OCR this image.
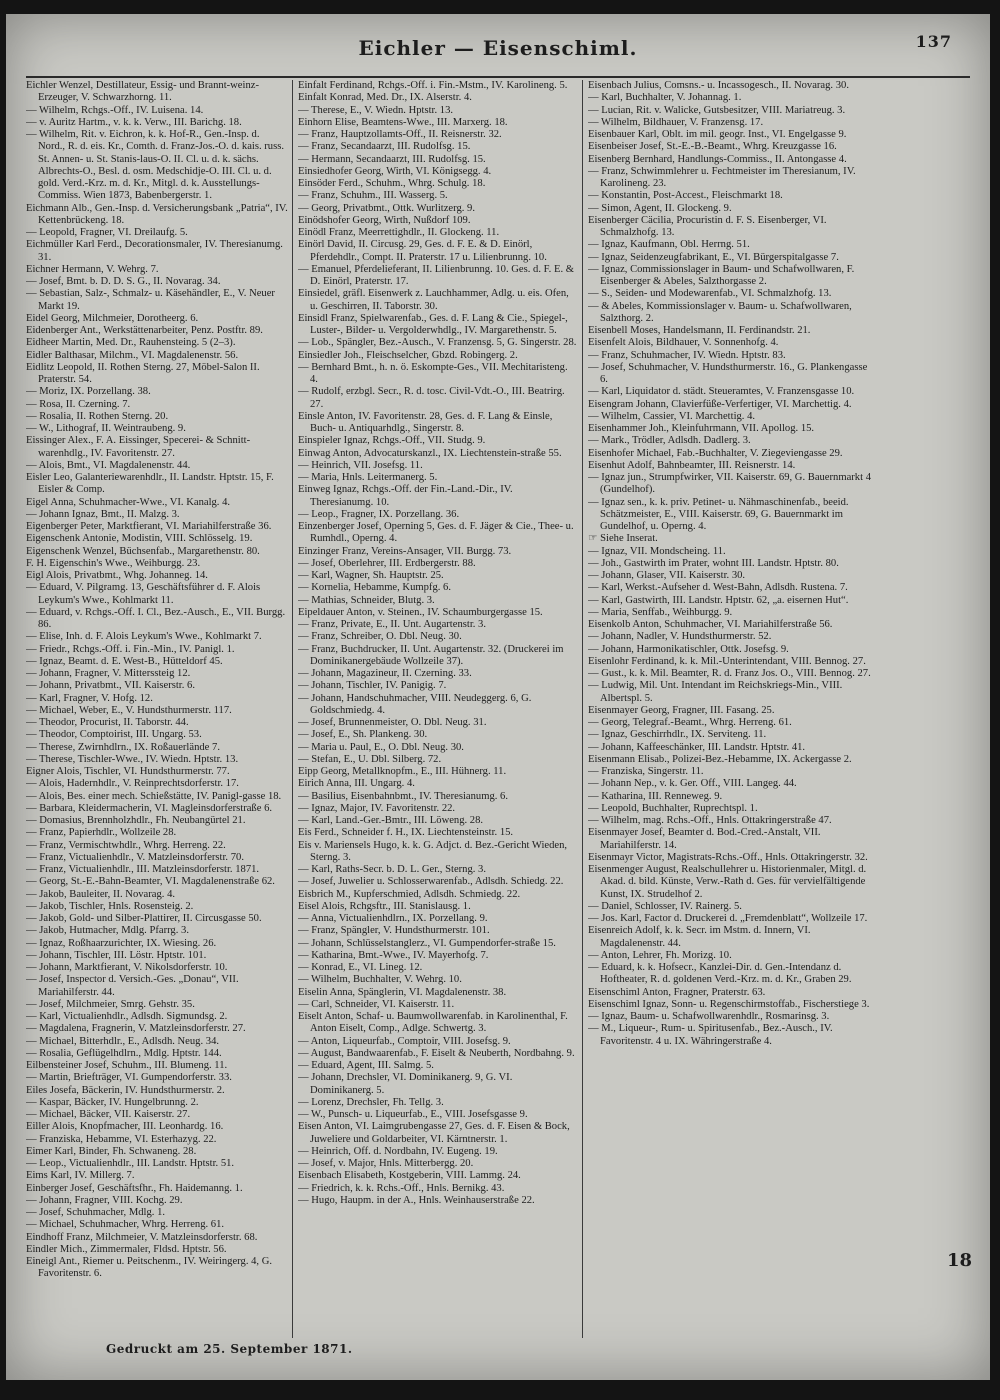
Eichler — Eisenschiml.	137

Eichler Wenzel, Destillateur, Essig- und Brannt-weinz-Erzeuger, V. Schwarzhorng. 11.

— Wilhelm, Rchgs.-Off., IV. Luisena. 14.

— v. Auritz Hartm., v. k. k. Verw., III. Barichg. 18.

— Wilhelm, Rit. v. Eichron, k. k. Hof-R., Gen.-Insp. d. Nord., R. d. eis. Kr., Comth. d. Franz-Jos.-O. d. kais. russ. St. Annen- u. St. Stanis-laus-O. II. Cl. u. d. k. sächs. Albrechts-O., Besl. d. osm. Medschidje-O. III. Cl. u. d. gold. Verd.-Krz. m. d. Kr., Mitgl. d. k. Ausstellungs-Commiss. Wien 1873, Babenbergerstr. 1.

Eichmann Alb., Gen.-Insp. d. Versicherungsbank „Patria“, IV. Kettenbrückeng. 18.

— Leopold, Fragner, VI. Dreilaufg. 5.

Eichmüller Karl Ferd., Decorationsmaler, IV. Theresianumg. 31.

Eichner Hermann, V. Wehrg. 7.

— Josef, Bmt. b. D. D. S. G., II. Novarag. 34.

— Sebastian, Salz-, Schmalz- u. Käsehändler, E., V. Neuer Markt 19.

Eidel Georg, Milchmeier, Dorotheerg. 6.

Eidenberger Ant., Werkstättenarbeiter, Penz. Postftr. 89.

Eidheer Martin, Med. Dr., Rauhensteing. 5 (2–3).

Eidler Balthasar, Milchm., VI. Magdalenenstr. 56.

Eidlitz Leopold, II. Rothen Sterng. 27, Möbel-Salon II. Praterstr. 54.

— Moriz, IX. Porzellang. 38.

— Rosa, II. Czerning. 7.

— Rosalia, II. Rothen Sterng. 20.

— W., Lithograf, II. Weintraubeng. 9.

Eissinger Alex., F. A. Eissinger, Specerei- & Schnitt-warenhdlg., IV. Favoritenstr. 27.

— Alois, Bmt., VI. Magdalenenstr. 44.

Eisler Leo, Galanteriewarenhdlr., II. Landstr. Hptstr. 15, F. Eisler & Comp.

Eigel Anna, Schuhmacher-Wwe., VI. Kanalg. 4.

— Johann Ignaz, Bmt., II. Malzg. 3.

Eigenberger Peter, Marktfierant, VI. Mariahilferstraße 36.

Eigenschenk Antonie, Modistin, VIII. Schlösselg. 19.

Eigenschenk Wenzel, Büchsenfab., Margarethenstr. 80.

F. H. Eigenschin's Wwe., Weihburgg. 23.

Eigl Alois, Privatbmt., Whg. Johanneg. 14.

— Eduard, V. Pilgramg. 13, Geschäftsführer d. F. Alois Leykum's Wwe., Kohlmarkt 11.

— Eduard, v. Rchgs.-Off. I. Cl., Bez.-Ausch., E., VII. Burgg. 86.

— Elise, Inh. d. F. Alois Leykum's Wwe., Kohlmarkt 7.

— Friedr., Rchgs.-Off. i. Fin.-Min., IV. Panigl. 1.

— Ignaz, Beamt. d. E. West-B., Hütteldorf 45.

— Johann, Fragner, V. Mitterssteig 12.

— Johann, Privatbmt., VII. Kaiserstr. 6.

— Karl, Fragner, V. Hofg. 12.

— Michael, Weber, E., V. Hundsthurmerstr. 117.

— Theodor, Procurist, II. Taborstr. 44.

— Theodor, Comptoirist, III. Ungarg. 53.

— Therese, Zwirnhdlrn., IX. Roßauerlände 7.

— Therese, Tischler-Wwe., IV. Wiedn. Hptstr. 13.

Eigner Alois, Tischler, VI. Hundsthurmerstr. 77.

— Alois, Hadernhdlr., V. Reinprechtsdorferstr. 17.

— Alois, Bes. einer mech. Schießstätte, IV. Panigl-gasse 18.

— Barbara, Kleidermacherin, VI. Magleinsdorferstraße 6.

— Domasius, Brennholzhdlr., Fh. Neubangürtel 21.

— Franz, Papierhdlr., Wollzeile 28.

— Franz, Vermischtwhdlr., Whrg. Herreng. 22.

— Franz, Victualienhdlr., V. Matzleinsdorferstr. 70.

— Franz, Victualienhdlr., III. Matzleinsdorferstr. 1871.

— Georg, St.-E.-Bahn-Beamter, VI. Magdalenenstraße 62.

— Jakob, Bauleiter, II. Novarag. 4.

— Jakob, Tischler, Hnls. Rosensteig. 2.

— Jakob, Gold- und Silber-Plattirer, II. Circusgasse 50.

— Jakob, Hutmacher, Mdlg. Pfarrg. 3.

— Ignaz, Roßhaarzurichter, IX. Wiesing. 26.

— Johann, Tischler, III. Löstr. Hptstr. 101.

— Johann, Marktfierant, V. Nikolsdorferstr. 10.

— Josef, Inspector d. Versich.-Ges. „Donau“, VII. Mariahilferstr. 44.

— Josef, Milchmeier, Smrg. Gehstr. 35.

— Karl, Victualienhdlr., Adlsdh. Sigmundsg. 2.

— Magdalena, Fragnerin, V. Matzleinsdorferstr. 27.

— Michael, Bitterhdlr., E., Adlsdh. Neug. 34.

— Rosalia, Geflügelhdlrn., Mdlg. Hptstr. 144.

Eilbensteiner Josef, Schuhm., III. Blumeng. 11.

— Martin, Briefträger, VI. Gumpendorferstr. 33.

Eiles Josefa, Bäckerin, IV. Hundsthurmerstr. 2.

— Kaspar, Bäcker, IV. Hungelbrunng. 2.

— Michael, Bäcker, VII. Kaiserstr. 27.

Eiller Alois, Knopfmacher, III. Leonhardg. 16.

— Franziska, Hebamme, VI. Esterhazyg. 22.

Eimer Karl, Binder, Fh. Schwaneng. 28.

— Leop., Victualienhdlr., III. Landstr. Hptstr. 51.

Eims Karl, IV. Millerg. 7.

Einberger Josef, Geschäftsfhr., Fh. Haidemanng. 1.

— Johann, Fragner, VIII. Kochg. 29.

— Josef, Schuhmacher, Mdlg. 1.

— Michael, Schuhmacher, Whrg. Herreng. 61.

Eindhoff Franz, Milchmeier, V. Matzleinsdorferstr. 68.

Eindler Mich., Zimmermaler, Fldsd. Hptstr. 56.

Eineigl Ant., Riemer u. Peitschenm., IV. Weiringerg. 4, G. Favoritenstr. 6.

Einfalt Ferdinand, Rchgs.-Off. i. Fin.-Mstm., IV. Karolineng. 5.

Einfalt Konrad, Med. Dr., IX. Alserstr. 4.

— Therese, E., V. Wiedn. Hptstr. 13.

Einhorn Elise, Beamtens-Wwe., III. Marxerg. 18.

— Franz, Hauptzollamts-Off., II. Reisnerstr. 32.

— Franz, Secandaarzt, III. Rudolfsg. 15.

— Hermann, Secandaarzt, III. Rudolfsg. 15.

Einsiedhofer Georg, Wirth, VI. Königsegg. 4.

Einsöder Ferd., Schuhm., Whrg. Schulg. 18.

— Franz, Schuhm., III. Wasserg. 5.

— Georg, Privatbmt., Ottk. Wurlitzerg. 9.

Einödshofer Georg, Wirth, Nußdorf 109.

Einödl Franz, Meerrettighdlr., II. Glockeng. 11.

Einörl David, II. Circusg. 29, Ges. d. F. E. & D. Einörl, Pferdehdlr., Compt. II. Praterstr. 17 u. Lilienbrunng. 10.

— Emanuel, Pferdelieferant, II. Lilienbrunng. 10. Ges. d. F. E. & D. Einörl, Praterstr. 17.

Einsiedel, gräfl. Eisenwerk z. Lauchhammer, Adlg. u. eis. Ofen, u. Geschirren, II. Taborstr. 30.

Einsidl Franz, Spielwarenfab., Ges. d. F. Lang & Cie., Spiegel-, Luster-, Bilder- u. Vergolderwhdlg., IV. Margarethenstr. 5.

— Lob., Spängler, Bez.-Ausch., V. Franzensg. 5, G. Singerstr. 28.

Einsiedler Joh., Fleischselcher, Gbzd. Robingerg. 2.

— Bernhard Bmt., h. n. ö. Eskompte-Ges., VII. Mechitaristeng. 4.

— Rudolf, erzbgl. Secr., R. d. tosc. Civil-Vdt.-O., III. Beatrirg. 27.

Einsle Anton, IV. Favoritenstr. 28, Ges. d. F. Lang & Einsle, Buch- u. Antiquarhdlg., Singerstr. 8.

Einspieler Ignaz, Rchgs.-Off., VII. Studg. 9.

Einwag Anton, Advocaturskanzl., IX. Liechtenstein-straße 55.

— Heinrich, VII. Josefsg. 11.

— Maria, Hnls. Leitermanerg. 5.

Einweg Ignaz, Rchgs.-Off. der Fin.-Land.-Dir., IV. Theresianumg. 10.

— Leop., Fragner, IX. Porzellang. 36.

Einzenberger Josef, Operning 5, Ges. d. F. Jäger & Cie., Thee- u. Rumhdl., Operng. 4.

Einzinger Franz, Vereins-Ansager, VII. Burgg. 73.

— Josef, Oberlehrer, III. Erdbergerstr. 88.

— Karl, Wagner, Sh. Hauptstr. 25.

— Kornelia, Hebamme, Kumpfg. 6.

— Mathias, Schneider, Blutg. 3.

Eipeldauer Anton, v. Steinen., IV. Schaumburgergasse 15.

— Franz, Private, E., II. Unt. Augartenstr. 3.

— Franz, Schreiber, O. Dbl. Neug. 30.

— Franz, Buchdrucker, II. Unt. Augartenstr. 32. (Druckerei im Dominikanergebäude Wollzeile 37).

— Johann, Magazineur, II. Czerning. 33.

— Johann, Tischler, IV. Panigig. 7.

— Johann, Handschuhmacher, VIII. Neudeggerg. 6, G. Goldschmiedg. 4.

— Josef, Brunnenmeister, O. Dbl. Neug. 31.

— Josef, E., Sh. Plankeng. 30.

— Maria u. Paul, E., O. Dbl. Neug. 30.

— Stefan, E., U. Dbl. Silberg. 72.

Eipp Georg, Metallknopfm., E., III. Hühnerg. 11.

Eirich Anna, III. Ungarg. 4.

— Basilius, Eisenbahnbmt., IV. Theresianumg. 6.

— Ignaz, Major, IV. Favoritenstr. 22.

— Karl, Land.-Ger.-Bmtr., III. Löweng. 28.

Eis Ferd., Schneider f. H., IX. Liechtensteinstr. 15.

Eis v. Mariensels Hugo, k. k. G. Adjct. d. Bez.-Gericht Wieden, Sterng. 3.

— Karl, Raths-Secr. b. D. L. Ger., Sterng. 3.

— Josef, Juwelier u. Schlosserwarenfab., Adlsdh. Schiedg. 22.

Eisbrich M., Kupferschmied, Adlsdh. Schmiedg. 22.

Eisel Alois, Rchgsftr., III. Stanislausg. 1.

— Anna, Victualienhdlrn., IX. Porzellang. 9.

— Franz, Spängler, V. Hundsthurmerstr. 101.

— Johann, Schlüsselstanglerz., VI. Gumpendorfer-straße 15.

— Katharina, Bmt.-Wwe., IV. Mayerhofg. 7.

— Konrad, E., VI. Lineg. 12.

— Wilhelm, Buchhalter, V. Wehrg. 10.

Eiselin Anna, Spänglerin, VI. Magdalenenstr. 38.

— Carl, Schneider, VI. Kaiserstr. 11.

Eiselt Anton, Schaf- u. Baumwollwarenfab. in Karolinenthal, F. Anton Eiselt, Comp., Adlge. Schwertg. 3.

— Anton, Liqueurfab., Comptoir, VIII. Josefsg. 9.

— August, Bandwaarenfab., F. Eiselt & Neuberth, Nordbahng. 9.

— Eduard, Agent, III. Salmg. 5.

— Johann, Drechsler, VI. Dominikanerg. 9, G. VI. Dominikanerg. 5.

— Lorenz, Drechsler, Fh. Tellg. 3.

— W., Punsch- u. Liqueurfab., E., VIII. Josefsgasse 9.

Eisen Anton, VI. Laimgrubengasse 27, Ges. d. F. Eisen & Bock, Juweliere und Goldarbeiter, VI. Kärntnerstr. 1.

— Heinrich, Off. d. Nordbahn, IV. Eugeng. 19.

— Josef, v. Major, Hnls. Mitterbergg. 20.

Eisenbach Elisabeth, Kostgeberin, VIII. Lammg. 24.

— Friedrich, k. k. Rchs.-Off., Hnls. Bernikg. 43.

— Hugo, Haupm. in der A., Hnls. Weinhauserstraße 22.

Eisenbach Julius, Comsns.- u. Incassogesch., II. Novarag. 30.

— Karl, Buchhalter, V. Johannag. 1.

— Lucian, Rit. v. Walicke, Gutsbesitzer, VIII. Mariatreug. 3.

— Wilhelm, Bildhauer, V. Franzensg. 17.

Eisenbauer Karl, Oblt. im mil. geogr. Inst., VI. Engelgasse 9.

Eisenbeiser Josef, St.-E.-B.-Beamt., Whrg. Kreuzgasse 16.

Eisenberg Bernhard, Handlungs-Commiss., II. Antongasse 4.

— Franz, Schwimmlehrer u. Fechtmeister im Theresianum, IV. Karolineng. 23.

— Konstantin, Post-Accest., Fleischmarkt 18.

— Simon, Agent, II. Glockeng. 9.

Eisenberger Cäcilia, Procuristin d. F. S. Eisenberger, VI. Schmalzhofg. 13.

— Ignaz, Kaufmann, Obl. Herrng. 51.

— Ignaz, Seidenzeugfabrikant, E., VI. Bürgerspitalgasse 7.

— Ignaz, Commissionslager in Baum- und Schafwollwaren, F. Eisenberger & Abeles, Salzthorgasse 2.

— S., Seiden- und Modewarenfab., VI. Schmalzhofg. 13.

— & Abeles, Kommissionslager v. Baum- u. Schafwollwaren, Salzthorg. 2.

Eisenbell Moses, Handelsmann, II. Ferdinandstr. 21.

Eisenfelt Alois, Bildhauer, V. Sonnenhofg. 4.

— Franz, Schuhmacher, IV. Wiedn. Hptstr. 83.

— Josef, Schuhmacher, V. Hundsthurmerstr. 16., G. Plankengasse 6.

— Karl, Liquidator d. städt. Steueramtes, V. Franzensgasse 10.

Eisengram Johann, Clavierfüße-Verfertiger, VI. Marchettig. 4.

— Wilhelm, Cassier, VI. Marchettig. 4.

Eisenhammer Joh., Kleinfuhrmann, VII. Apollog. 15.

— Mark., Trödler, Adlsdh. Dadlerg. 3.

Eisenhofer Michael, Fab.-Buchhalter, V. Ziegeviengasse 29.

Eisenhut Adolf, Bahnbeamter, III. Reisnerstr. 14.

— Ignaz jun., Strumpfwirker, VII. Kaiserstr. 69, G. Bauernmarkt 4 (Gundelhof).

— Ignaz sen., k. k. priv. Petinet- u. Nähmaschinenfab., beeid. Schätzmeister, E., VIII. Kaiserstr. 69, G. Bauernmarkt im Gundelhof, u. Operng. 4.

☞ Siehe Inserat.

— Ignaz, VII. Mondscheing. 11.

— Joh., Gastwirth im Prater, wohnt III. Landstr. Hptstr. 80.

— Johann, Glaser, VII. Kaiserstr. 30.

— Karl, Werkst.-Aufseher d. West-Bahn, Adlsdh. Rustena. 7.

— Karl, Gastwirth, III. Landstr. Hptstr. 62, „a. eisernen Hut“.

— Maria, Senffab., Weihburgg. 9.

Eisenkolb Anton, Schuhmacher, VI. Mariahilferstraße 56.

— Johann, Nadler, V. Hundsthurmerstr. 52.

— Johann, Harmonikatischler, Ottk. Josefsg. 9.

Eisenlohr Ferdinand, k. k. Mil.-Unterintendant, VIII. Bennog. 27.

— Gust., k. k. Mil. Beamter, R. d. Franz Jos. O., VIII. Bennog. 27.

— Ludwig, Mil. Unt. Intendant im Reichskriegs-Min., VIII. Albertspl. 5.

Eisenmayer Georg, Fragner, III. Fasang. 25.

— Georg, Telegraf.-Beamt., Whrg. Herreng. 61.

— Ignaz, Geschirrhdlr., IX. Serviteng. 11.

— Johann, Kaffeeschänker, III. Landstr. Hptstr. 41.

Eisenmann Elisab., Polizei-Bez.-Hebamme, IX. Ackergasse 2.

— Franziska, Singerstr. 11.

— Johann Nep., v. k. Ger. Off., VIII. Langeg. 44.

— Katharina, III. Renneweg. 9.

— Leopold, Buchhalter, Ruprechtspl. 1.

— Wilhelm, mag. Rchs.-Off., Hnls. Ottakringerstraße 47.

Eisenmayer Josef, Beamter d. Bod.-Cred.-Anstalt, VII. Mariahilferstr. 14.

Eisenmayr Victor, Magistrats-Rchs.-Off., Hnls. Ottakringerstr. 32.

Eisenmenger August, Realschullehrer u. Historienmaler, Mitgl. d. Akad. d. bild. Künste, Verw.-Rath d. Ges. für vervielfältigende Kunst, IX. Strudelhof 2.

— Daniel, Schlosser, IV. Rainerg. 5.

— Jos. Karl, Factor d. Druckerei d. „Fremdenblatt“, Wollzeile 17.

Eisenreich Adolf, k. k. Secr. im Mstm. d. Innern, VI. Magdalenenstr. 44.

— Anton, Lehrer, Fh. Morizg. 10.

— Eduard, k. k. Hofsecr., Kanzlei-Dir. d. Gen.-Intendanz d. Hoftheater, R. d. goldenen Verd.-Krz. m. d. Kr., Graben 29.

Eisenschiml Anton, Fragner, Praterstr. 63.

Eisenschiml Ignaz, Sonn- u. Regenschirmstoffab., Fischerstiege 3.

— Ignaz, Baum- u. Schafwollwarenhdlr., Rosmarinsg. 3.

— M., Liqueur-, Rum- u. Spiritusenfab., Bez.-Ausch., IV. Favoritenstr. 4 u. IX. Währingerstraße 4.

18
Gedruckt am 25. September 1871.
